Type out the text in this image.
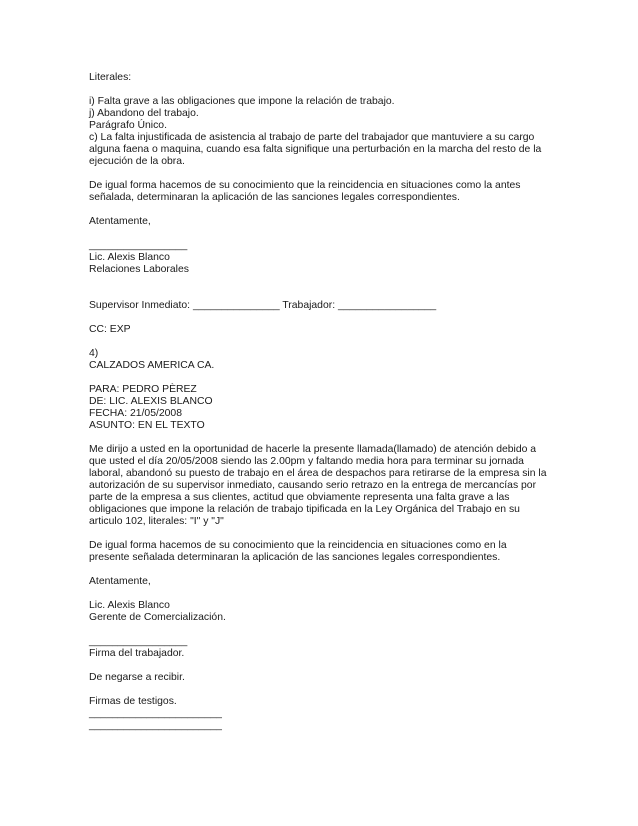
Literales:
i) Falta grave a las obligaciones que impone la relación de trabajo.
j) Abandono del trabajo.
Parágrafo Único.
c) La falta injustificada de asistencia al trabajo de parte del trabajador que mantuviere a su cargo
alguna faena o maquina, cuando esa falta signifique una perturbación en la marcha del resto de la
ejecución de la obra.
De igual forma hacemos de su conocimiento que la reincidencia en situaciones como la antes
señalada, determinaran la aplicación de las sanciones legales correspondientes.
Atentamente,
_________________
Lic. Alexis Blanco
Relaciones Laborales
Supervisor Inmediato: _______________ Trabajador: _________________
CC: EXP
4)
CALZADOS AMERICA CA.
PARA: PEDRO PÈREZ
DE: LIC. ALEXIS BLANCO
FECHA: 21/05/2008
ASUNTO: EN EL TEXTO
Me dirijo a usted en la oportunidad de hacerle la presente llamada(llamado) de atención debido a
que usted el día 20/05/2008 siendo las 2.00pm y faltando media hora para terminar su jornada
laboral, abandonó su puesto de trabajo en el área de despachos para retirarse de la empresa sin la
autorización de su supervisor inmediato, causando serio retrazo en la entrega de mercancías por
parte de la empresa a sus clientes, actitud que obviamente representa una falta grave a las
obligaciones que impone la relación de trabajo tipificada en la Ley Orgánica del Trabajo en su
articulo 102, literales: "I" y "J"
De igual forma hacemos de su conocimiento que la reincidencia en situaciones como en la
presente señalada determinaran la aplicación de las sanciones legales correspondientes.
Atentamente,
Lic. Alexis Blanco
Gerente de Comercialización.
_________________
Firma del trabajador.
De negarse a recibir.
Firmas de testigos.
_______________________
_______________________
